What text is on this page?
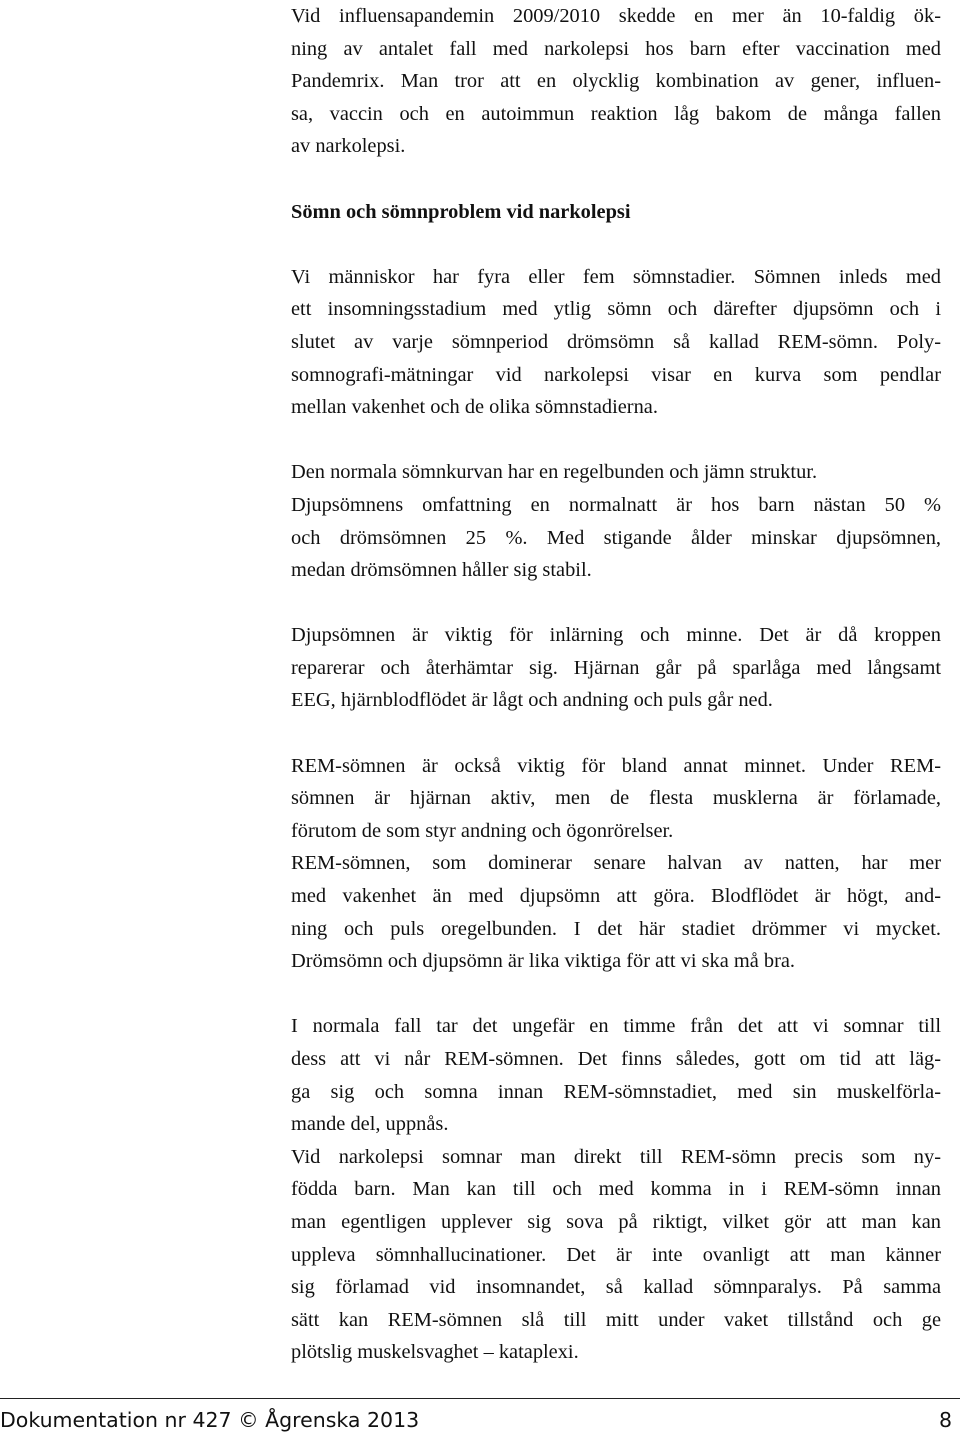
Vid influensapandemin 2009/2010 skedde en mer än 10-faldig ök-
ning av antalet fall med narkolepsi hos barn efter vaccination med
Pandemrix. Man tror att en olycklig kombination av gener, influen-
sa, vaccin och en autoimmun reaktion låg bakom de många fallen
av narkolepsi.
Sömn och sömnproblem vid narkolepsi
Vi människor har fyra eller fem sömnstadier. Sömnen inleds med
ett insomningsstadium med ytlig sömn och därefter djupsömn och i
slutet av varje sömnperiod drömsömn så kallad REM-sömn. Poly-
somnografi-mätningar vid narkolepsi visar en kurva som pendlar
mellan vakenhet och de olika sömnstadierna.
Den normala sömnkurvan har en regelbunden och jämn struktur.
Djupsömnens omfattning en normalnatt är hos barn nästan 50 %
och drömsömnen 25 %. Med stigande ålder minskar djupsömnen,
medan drömsömnen håller sig stabil.
Djupsömnen är viktig för inlärning och minne. Det är då kroppen
reparerar och återhämtar sig. Hjärnan går på sparlåga med långsamt
EEG, hjärnblodflödet är lågt och andning och puls går ned.
REM-sömnen är också viktig för bland annat minnet. Under REM-
sömnen är hjärnan aktiv, men de flesta musklerna är förlamade,
förutom de som styr andning och ögonrörelser.
REM-sömnen, som dominerar senare halvan av natten, har mer
med vakenhet än med djupsömn att göra. Blodflödet är högt, and-
ning och puls oregelbunden. I det här stadiet drömmer vi mycket.
Drömsömn och djupsömn är lika viktiga för att vi ska må bra.
I normala fall tar det ungefär en timme från det att vi somnar till
dess att vi når REM-sömnen. Det finns således, gott om tid att läg-
ga sig och somna innan REM-sömnstadiet, med sin muskelförla-
mande del, uppnås.
Vid narkolepsi somnar man direkt till REM-sömn precis som ny-
födda barn. Man kan till och med komma in i REM-sömn innan
man egentligen upplever sig sova på riktigt, vilket gör att man kan
uppleva sömnhallucinationer. Det är inte ovanligt att man känner
sig förlamad vid insomnandet, så kallad sömnparalys. På samma
sätt kan REM-sömnen slå till mitt under vaket tillstånd och ge
plötslig muskelsvaghet – kataplexi.
Dokumentation nr 427 © Ågrenska 2013	8
